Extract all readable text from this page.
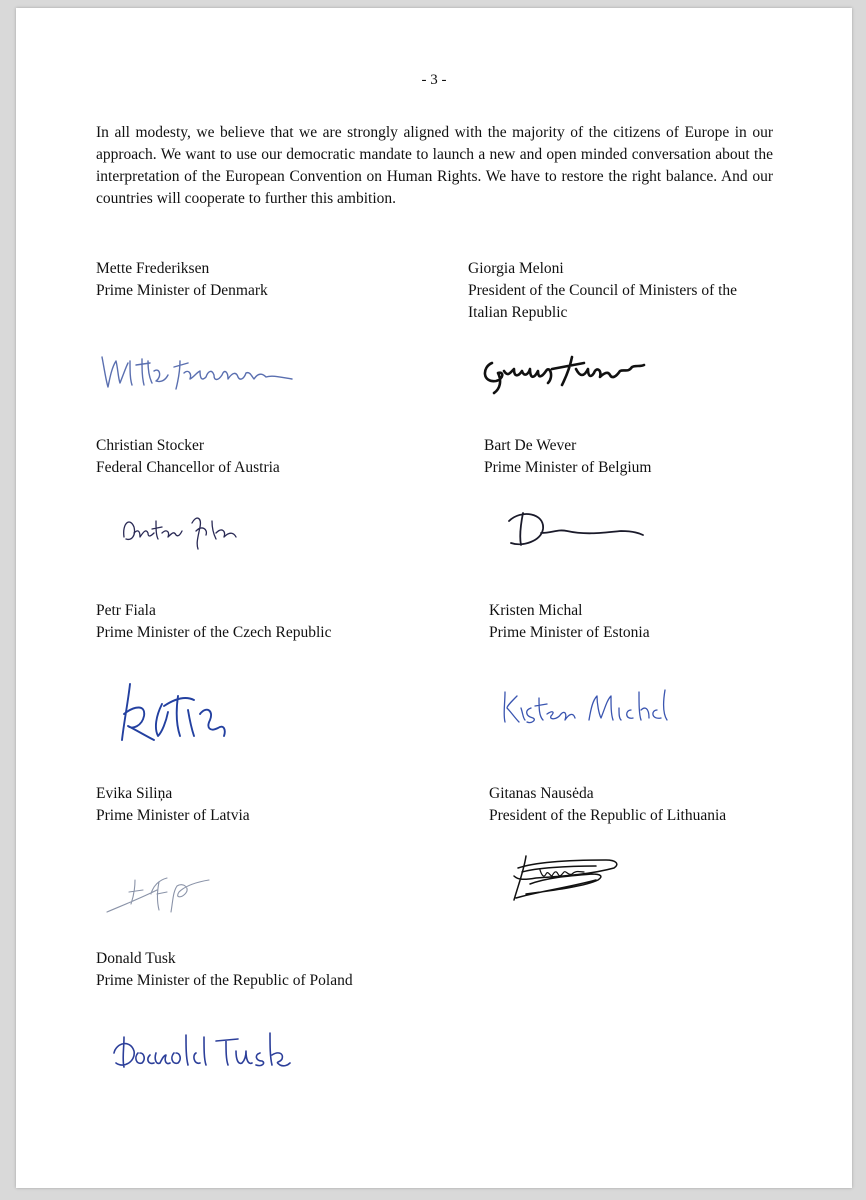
- 3 -

In all modesty, we believe that we are strongly aligned with the majority of the citizens of Europe in our approach. We want to use our democratic mandate to launch a new and open minded conversation about the interpretation of the European Convention on Human Rights. We have to restore the right balance. And our countries will cooperate to further this ambition.

Mette Frederiksen
Prime Minister of Denmark
Giorgia Meloni
President of the Council of Ministers of the Italian Republic
Christian Stocker
Federal Chancellor of Austria
Bart De Wever
Prime Minister of Belgium
Petr Fiala
Prime Minister of the Czech Republic
Kristen Michal
Prime Minister of Estonia
Evika Siliņa
Prime Minister of Latvia
Gitanas Nausėda
President of the Republic of Lithuania
Donald Tusk
Prime Minister of the Republic of Poland
